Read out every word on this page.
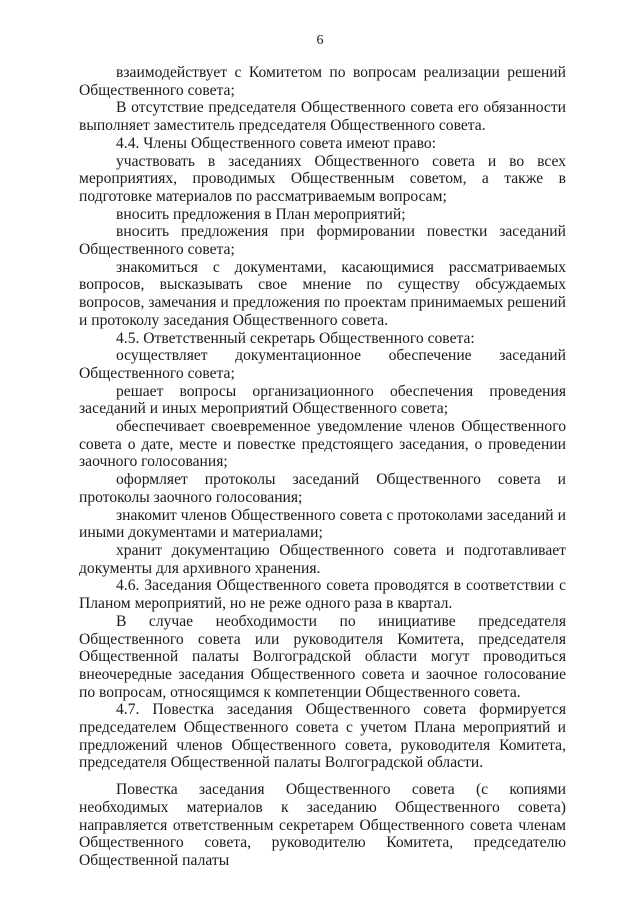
6

взаимодействует с Комитетом по вопросам реализации решений Общественного совета;

В отсутствие председателя Общественного совета его обязанности выполняет заместитель председателя Общественного совета.

4.4. Члены Общественного совета имеют право:

участвовать в заседаниях Общественного совета и во всех мероприятиях, проводимых Общественным советом, а также в подготовке материалов по рассматриваемым вопросам;

вносить предложения в План мероприятий;

вносить предложения при формировании повестки заседаний Общественного совета;

знакомиться с документами, касающимися рассматриваемых вопросов, высказывать свое мнение по существу обсуждаемых вопросов, замечания и предложения по проектам принимаемых решений и протоколу заседания Общественного совета.

4.5. Ответственный секретарь Общественного совета:

осуществляет документационное обеспечение заседаний Общественного совета;

решает вопросы организационного обеспечения проведения заседаний и иных мероприятий Общественного совета;

обеспечивает своевременное уведомление членов Общественного совета о дате, месте и повестке предстоящего заседания, о проведении заочного голосования;

оформляет протоколы заседаний Общественного совета и протоколы заочного голосования;

знакомит членов Общественного совета с протоколами заседаний и иными документами и материалами;

хранит документацию Общественного совета и подготавливает документы для архивного хранения.

4.6. Заседания Общественного совета проводятся в соответствии с Планом мероприятий, но не реже одного раза в квартал.

В случае необходимости по инициативе председателя Общественного совета или руководителя Комитета, председателя Общественной палаты Волгоградской области могут проводиться внеочередные заседания Общественного совета и заочное голосование по вопросам, относящимся к компетенции Общественного совета.

4.7. Повестка заседания Общественного совета формируется председателем Общественного совета с учетом Плана мероприятий и предложений членов Общественного совета, руководителя Комитета, председателя Общественной палаты Волгоградской области.

Повестка заседания Общественного совета (с копиями необходимых материалов к заседанию Общественного совета) направляется ответственным секретарем Общественного совета членам Общественного совета, руководителю Комитета, председателю Общественной палаты
